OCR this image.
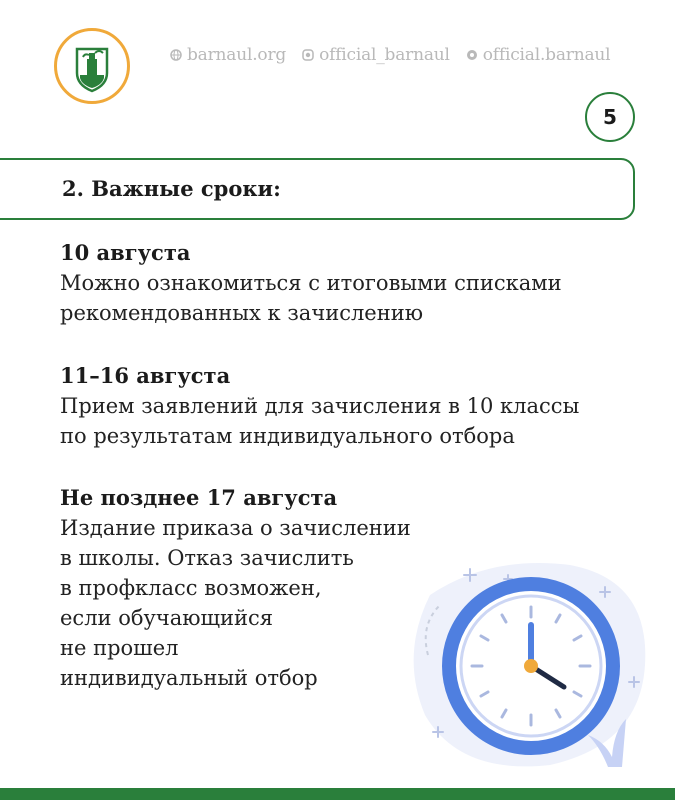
barnaul.org official_barnaul official.barnaul
5
2. Важные сроки:
10 августа
Можно ознакомиться с итоговыми списками
рекомендованных к зачислению
11–16 августа
Прием заявлений для зачисления в 10 классы
по результатам индивидуального отбора
Не позднее 17 августа
Издание приказа о зачислении
в школы. Отказ зачислить
в профкласс возможен,
если обучающийся
не прошел
индивидуальный отбор
